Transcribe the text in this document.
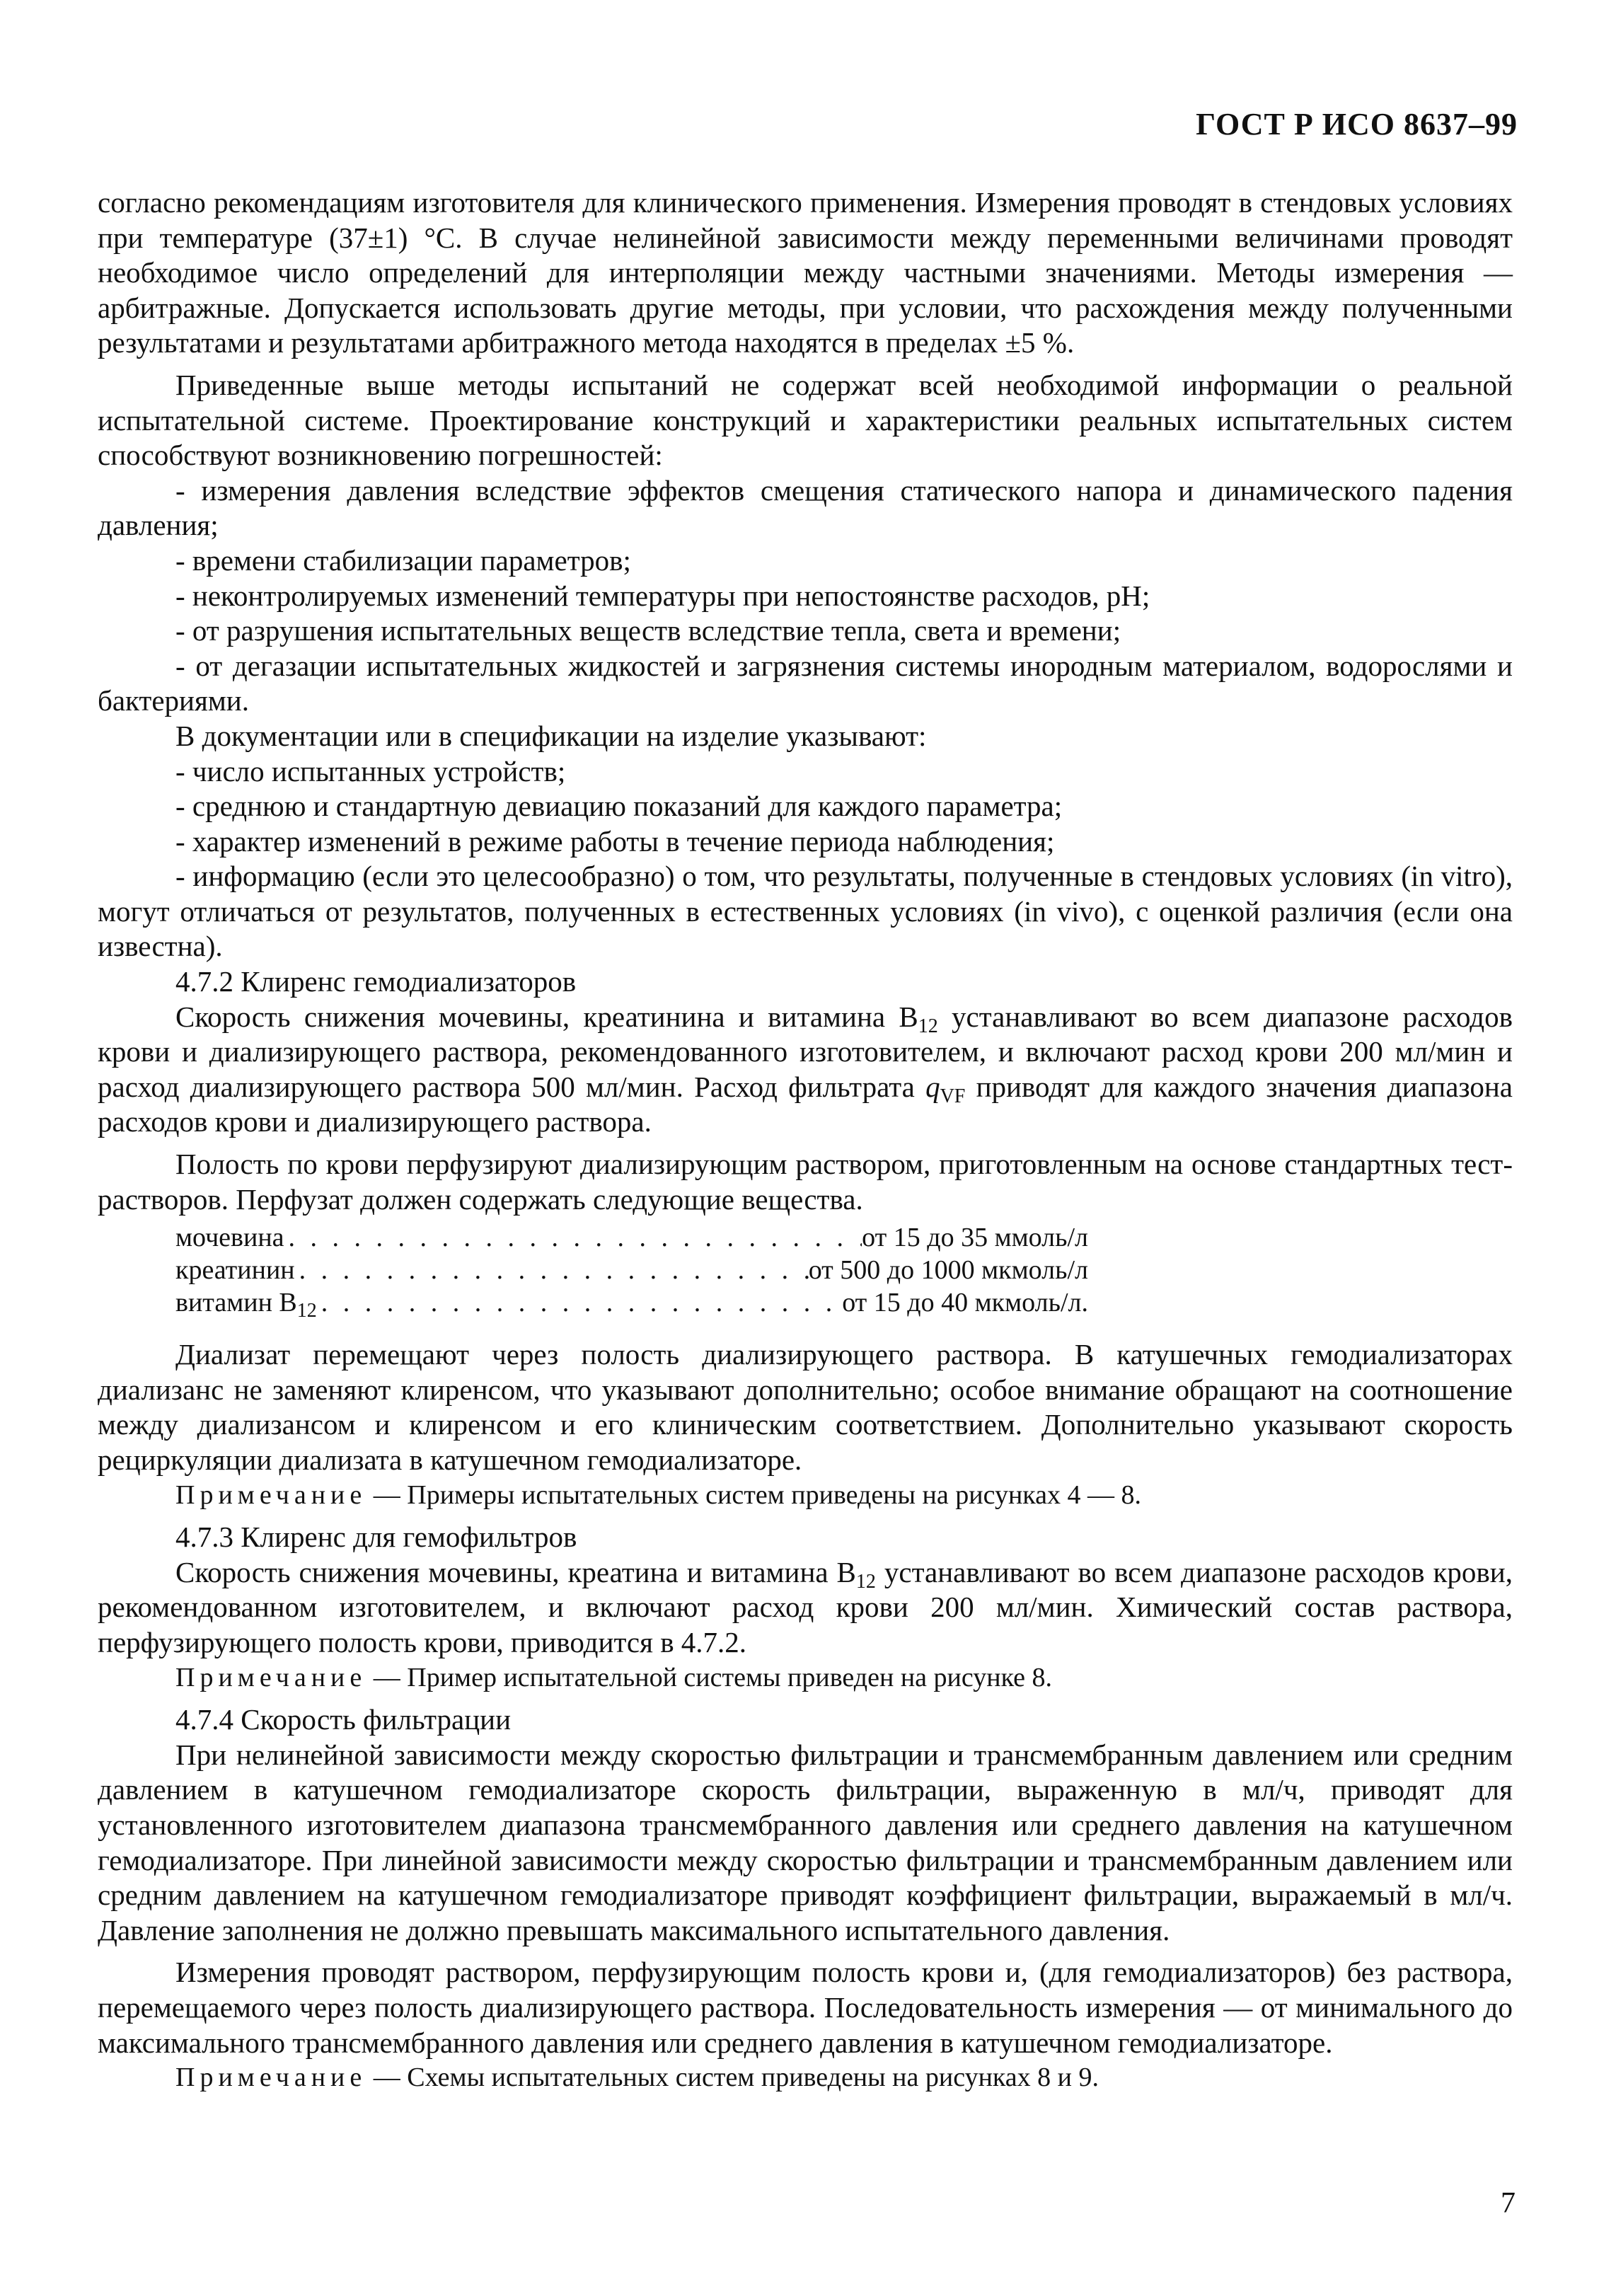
ГОСТ Р ИСО 8637–99

согласно рекомендациям изготовителя для клинического применения. Измерения проводят в стендовых условиях при температуре (37±1) °С. В случае нелинейной зависимости между переменными величинами проводят необходимое число определений для интерполяции между частными значениями. Методы измерения — арбитражные. Допускается использовать другие методы, при условии, что расхождения между полученными результатами и результатами арбитражного метода находятся в пределах ±5 %.

Приведенные выше методы испытаний не содержат всей необходимой информации о реальной испытательной системе. Проектирование конструкций и характеристики реальных испытательных систем способствуют возникновению погрешностей:

- измерения давления вследствие эффектов смещения статического напора и динамического падения давления;

- времени стабилизации параметров;

- неконтролируемых изменений температуры при непостоянстве расходов, pH;

- от разрушения испытательных веществ вследствие тепла, света и времени;

- от дегазации испытательных жидкостей и загрязнения системы инородным материалом, водорослями и бактериями.

В документации или в спецификации на изделие указывают:

- число испытанных устройств;

- среднюю и стандартную девиацию показаний для каждого параметра;

- характер изменений в режиме работы в течение периода наблюдения;

- информацию (если это целесообразно) о том, что результаты, полученные в стендовых условиях (in vitro), могут отличаться от результатов, полученных в естественных условиях (in vivo), с оценкой различия (если она известна).

4.7.2 Клиренс гемодиализаторов

Скорость снижения мочевины, креатинина и витамина $B_{12}$ устанавливают во всем диапазоне расходов крови и диализирующего раствора, рекомендованного изготовителем, и включают расход крови 200 мл/мин и расход диализирующего раствора 500 мл/мин. Расход фильтрата qVF приводят для каждого значения диапазона расходов крови и диализирующего раствора.

Полость по крови перфузируют диализирующим раствором, приготовленным на основе стандартных тест-растворов. Перфузат должен содержать следующие вещества.

мочевина . . .	от 15 до 35 ммоль/л
креатинин . . .	от 500 до 1000 мкмоль/л
витамин $B_{12}$ . . .	от 15 до 40 мкмоль/л.

Диализат перемещают через полость диализирующего раствора. В катушечных гемодиализаторах диализанс не заменяют клиренсом, что указывают дополнительно; особое внимание обращают на соотношение между диализансом и клиренсом и его клиническим соответствием. Дополнительно указывают скорость рециркуляции диализата в катушечном гемодиализаторе.

Примечание — Примеры испытательных систем приведены на рисунках 4 — 8.

4.7.3 Клиренс для гемофильтров

Скорость снижения мочевины, креатина и витамина $B_{12}$ устанавливают во всем диапазоне расходов крови, рекомендованном изготовителем, и включают расход крови 200 мл/мин. Химический состав раствора, перфузирующего полость крови, приводится в 4.7.2.

Примечание — Пример испытательной системы приведен на рисунке 8.

4.7.4 Скорость фильтрации

При нелинейной зависимости между скоростью фильтрации и трансмембранным давлением или средним давлением в катушечном гемодиализаторе скорость фильтрации, выраженную в мл/ч, приводят для установленного изготовителем диапазона трансмембранного давления или среднего давления на катушечном гемодиализаторе. При линейной зависимости между скоростью фильтрации и трансмембранным давлением или средним давлением на катушечном гемодиализаторе приводят коэффициент фильтрации, выражаемый в мл/ч. Давление заполнения не должно превышать максимального испытательного давления.

Измерения проводят раствором, перфузирующим полость крови и, (для гемодиализаторов) без раствора, перемещаемого через полость диализирующего раствора. Последовательность измерения — от минимального до максимального трансмембранного давления или среднего давления в катушечном гемодиализаторе.

Примечание — Схемы испытательных систем приведены на рисунках 8 и 9.

7
